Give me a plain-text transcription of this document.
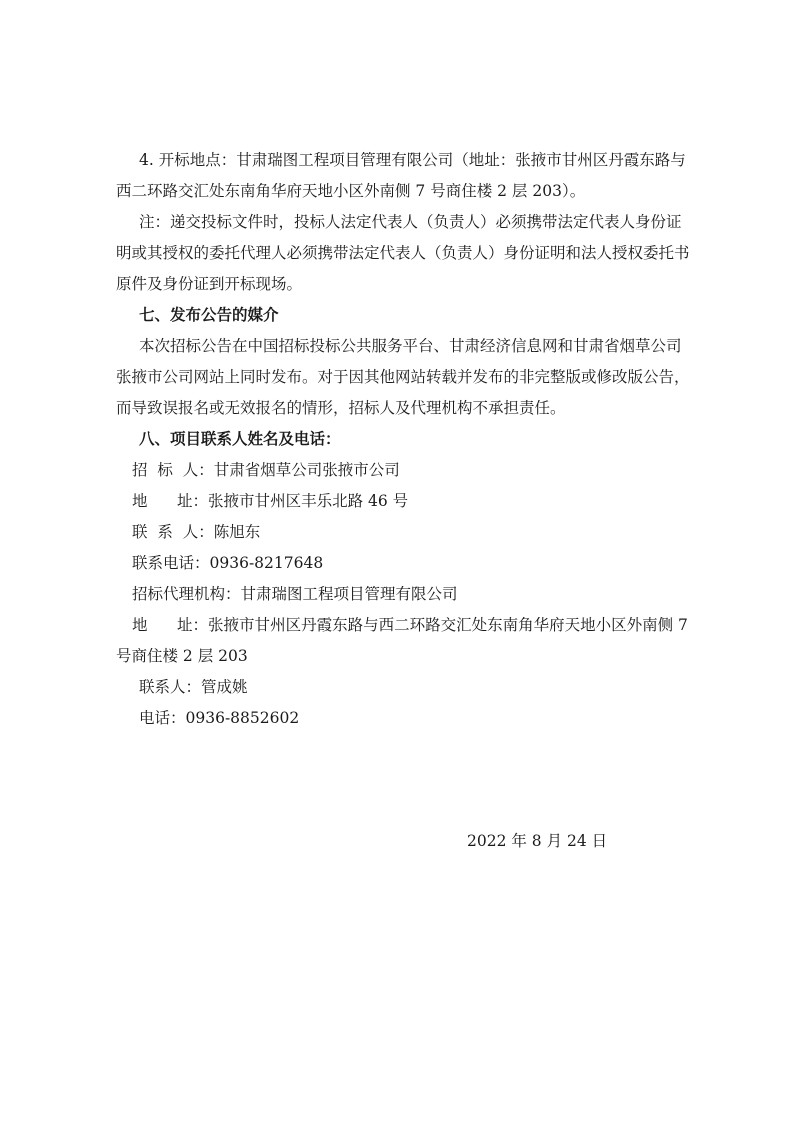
4. 开标地点：甘肃瑞图工程项目管理有限公司（地址：张掖市甘州区丹霞东路与
西二环路交汇处东南角华府天地小区外南侧 7 号商住楼 2 层 203）。
注：递交投标文件时，投标人法定代表人（负责人）必须携带法定代表人身份证
明或其授权的委托代理人必须携带法定代表人（负责人）身份证明和法人授权委托书
原件及身份证到开标现场。
七、发布公告的媒介
本次招标公告在中国招标投标公共服务平台、甘肃经济信息网和甘肃省烟草公司
张掖市公司网站上同时发布。对于因其他网站转载并发布的非完整版或修改版公告，
而导致误报名或无效报名的情形，招标人及代理机构不承担责任。
八、项目联系人姓名及电话：
招  标  人：甘肃省烟草公司张掖市公司
地      址：张掖市甘州区丰乐北路 46 号
联  系  人：陈旭东
联系电话：0936-8217648
招标代理机构：甘肃瑞图工程项目管理有限公司
地      址：张掖市甘州区丹霞东路与西二环路交汇处东南角华府天地小区外南侧 7
号商住楼 2 层 203
联系人：管成姚
电话：0936-8852602
2022 年 8 月 24 日
